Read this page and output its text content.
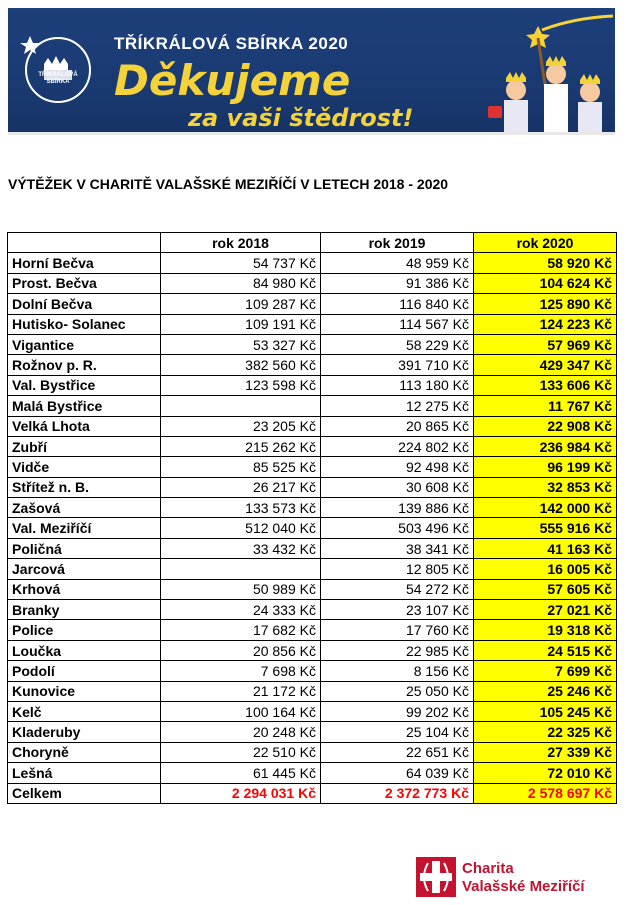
TŘÍKRÁLOVÁ
SBÍRKA
TŘÍKRÁLOVÁ SBÍRKA 2020
Děkujeme
za vaši štědrost!
VÝTĚŽEK V CHARITĚ VALAŠSKÉ MEZIŘÍČÍ V LETECH 2018 - 2020
	rok 2018	rok 2019	rok 2020
Horní Bečva	54 737 Kč	48 959 Kč	58 920 Kč
Prost. Bečva	84 980 Kč	91 386 Kč	104 624 Kč
Dolní Bečva	109 287 Kč	116 840 Kč	125 890 Kč
Hutisko- Solanec	109 191 Kč	114 567 Kč	124 223 Kč
Vigantice	53 327 Kč	58 229 Kč	57 969 Kč
Rožnov p. R.	382 560 Kč	391 710 Kč	429 347 Kč
Val. Bystřice	123 598 Kč	113 180 Kč	133 606 Kč
Malá Bystřice		12 275 Kč	11 767 Kč
Velká Lhota	23 205 Kč	20 865 Kč	22 908 Kč
Zubří	215 262 Kč	224 802 Kč	236 984 Kč
Vidče	85 525 Kč	92 498 Kč	96 199 Kč
Střítež n. B.	26 217 Kč	30 608 Kč	32 853 Kč
Zašová	133 573 Kč	139 886 Kč	142 000 Kč
Val. Meziříčí	512 040 Kč	503 496 Kč	555 916 Kč
Poličná	33 432 Kč	38 341 Kč	41 163 Kč
Jarcová		12 805 Kč	16 005 Kč
Krhová	50 989 Kč	54 272 Kč	57 605 Kč
Branky	24 333 Kč	23 107 Kč	27 021 Kč
Police	17 682 Kč	17 760 Kč	19 318 Kč
Loučka	20 856 Kč	22 985 Kč	24 515 Kč
Podolí	7 698 Kč	8 156 Kč	7 699 Kč
Kunovice	21 172 Kč	25 050 Kč	25 246 Kč
Kelč	100 164 Kč	99 202 Kč	105 245 Kč
Kladeruby	20 248 Kč	25 104 Kč	22 325 Kč
Choryně	22 510 Kč	22 651 Kč	27 339 Kč
Lešná	61 445 Kč	64 039 Kč	72 010 Kč
Celkem	2 294 031 Kč	2 372 773 Kč	2 578 697 Kč
Charita
Valašské Meziříčí
